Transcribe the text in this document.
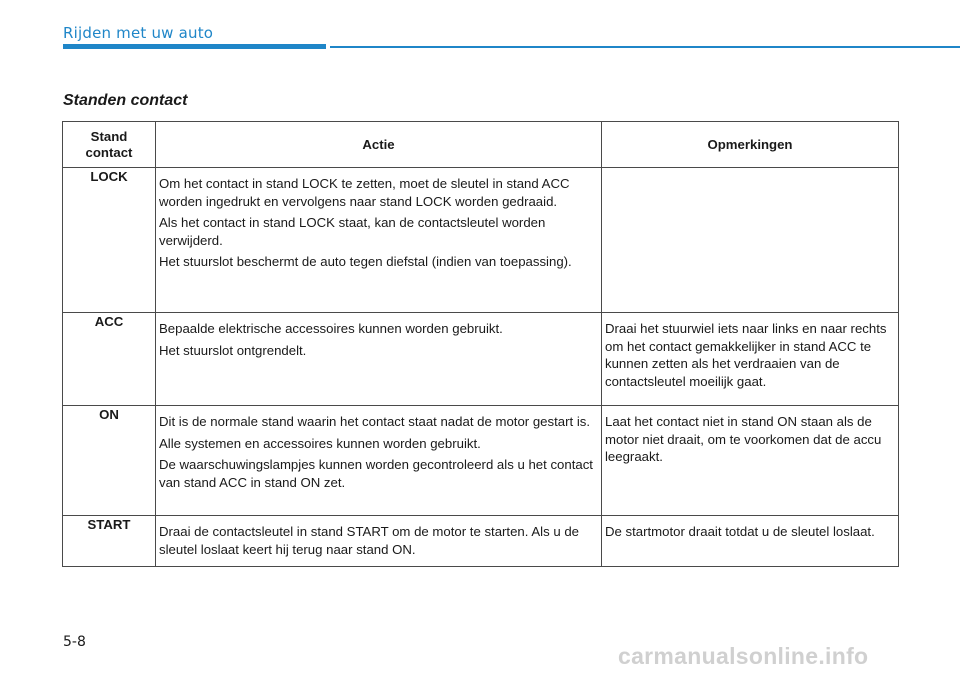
Rijden met uw auto
Standen contact
Stand
contact	Actie	Opmerkingen
LOCK	Om het contact in stand LOCK te zetten, moet de sleutel in stand ACC worden ingedrukt en vervolgens naar stand LOCK worden gedraaid.

Als het contact in stand LOCK staat, kan de contactsleutel worden verwijderd.

Het stuurslot beschermt de auto tegen diefstal (indien van toepassing).	

ACC	Bepaalde elektrische accessoires kunnen worden gebruikt.

Het stuurslot ontgrendelt.	Draai het stuurwiel iets naar links en naar rechts om het contact gemakkelijker in stand ACC te kunnen zetten als het verdraaien van de contactsleutel moeilijk gaat.
ON	Dit is de normale stand waarin het contact staat nadat de motor gestart is.

Alle systemen en accessoires kunnen worden gebruikt.

De waarschuwingslampjes kunnen worden gecontroleerd als u het contact van stand ACC in stand ON zet.	Laat het contact niet in stand ON staan als de motor niet draait, om te voorkomen dat de accu leegraakt.
START	Draai de contactsleutel in stand START om de motor te starten. Als u de sleutel loslaat keert hij terug naar stand ON.	De startmotor draait totdat u de sleutel loslaat.
5-8
carmanualsonline.info
